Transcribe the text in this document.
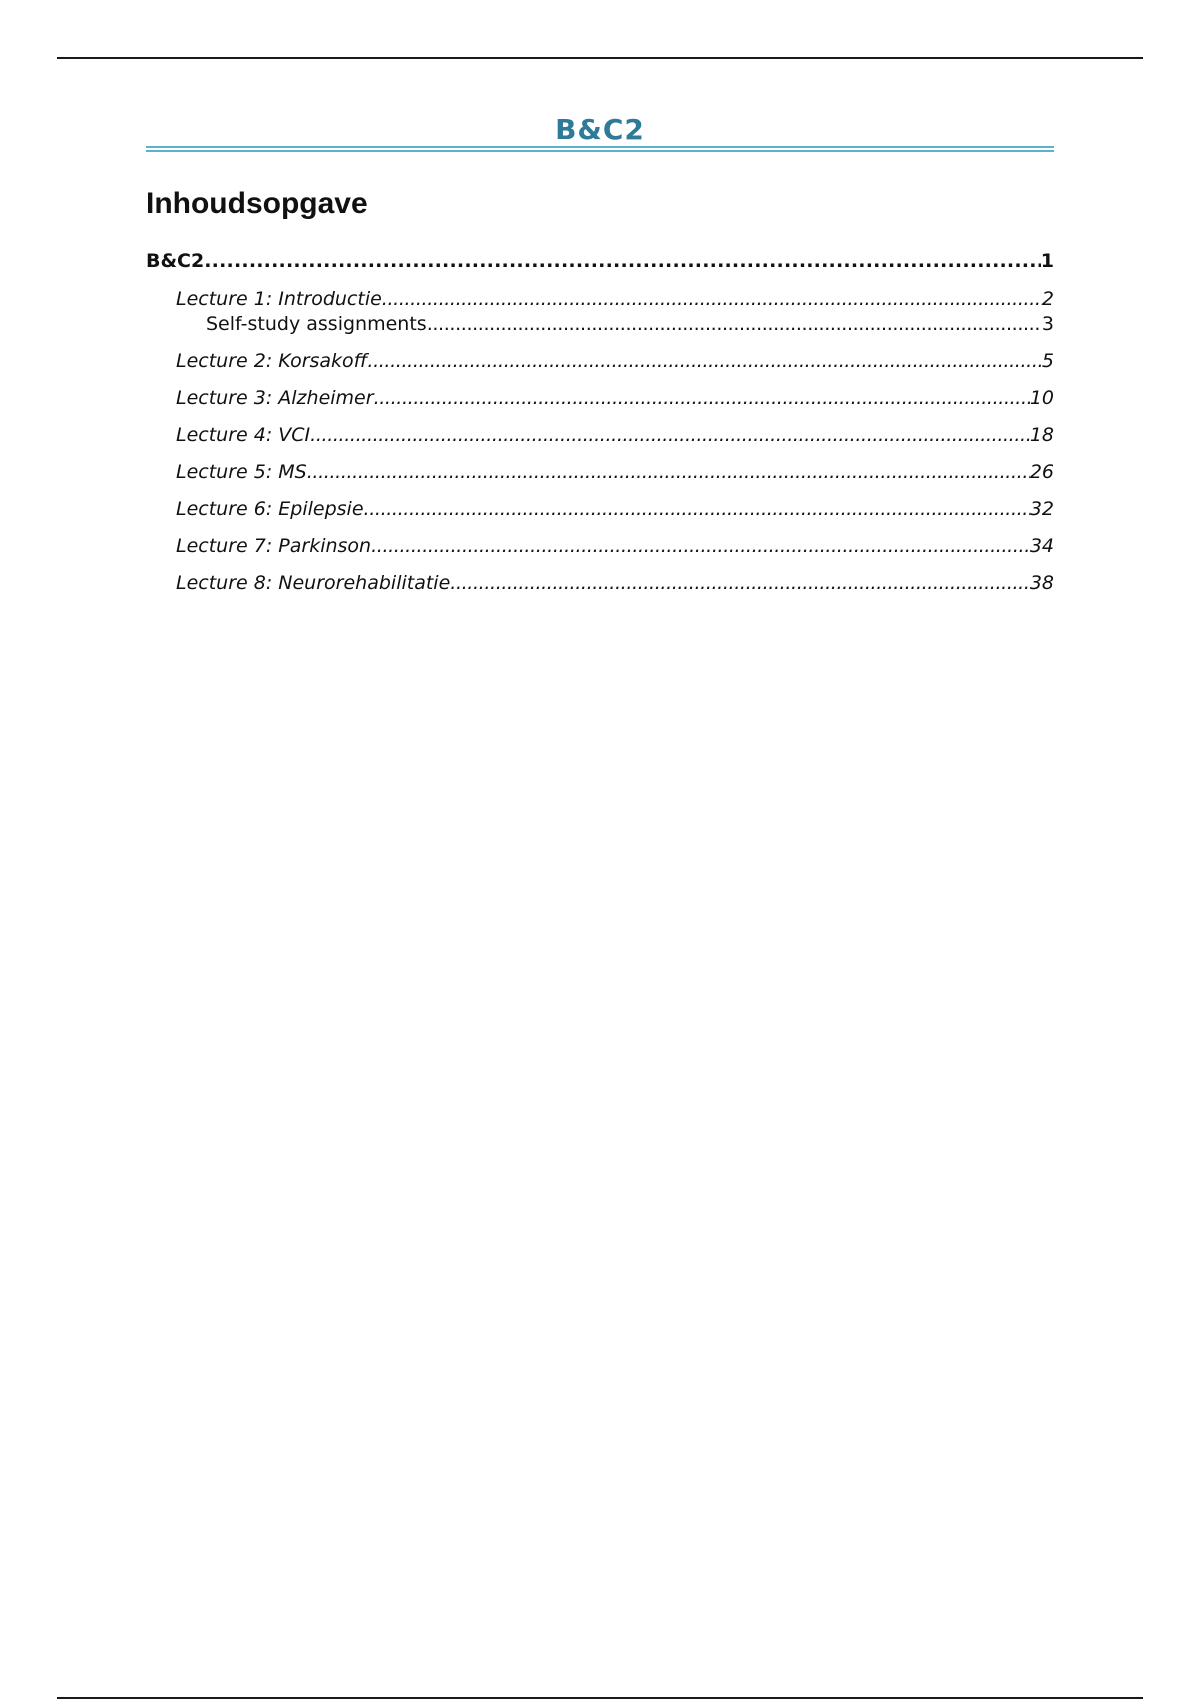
B&C2
Inhoudsopgave
B&C2 . . .	1
Lecture 1: Introductie . . .	2
Self-study assignments . . .	3
Lecture 2: Korsakoff . . .	5
Lecture 3: Alzheimer . . .	10
Lecture 4: VCI . . .	18
Lecture 5: MS . . .	26
Lecture 6: Epilepsie . . .	32
Lecture 7: Parkinson . . .	34
Lecture 8: Neurorehabilitatie . . .	38
